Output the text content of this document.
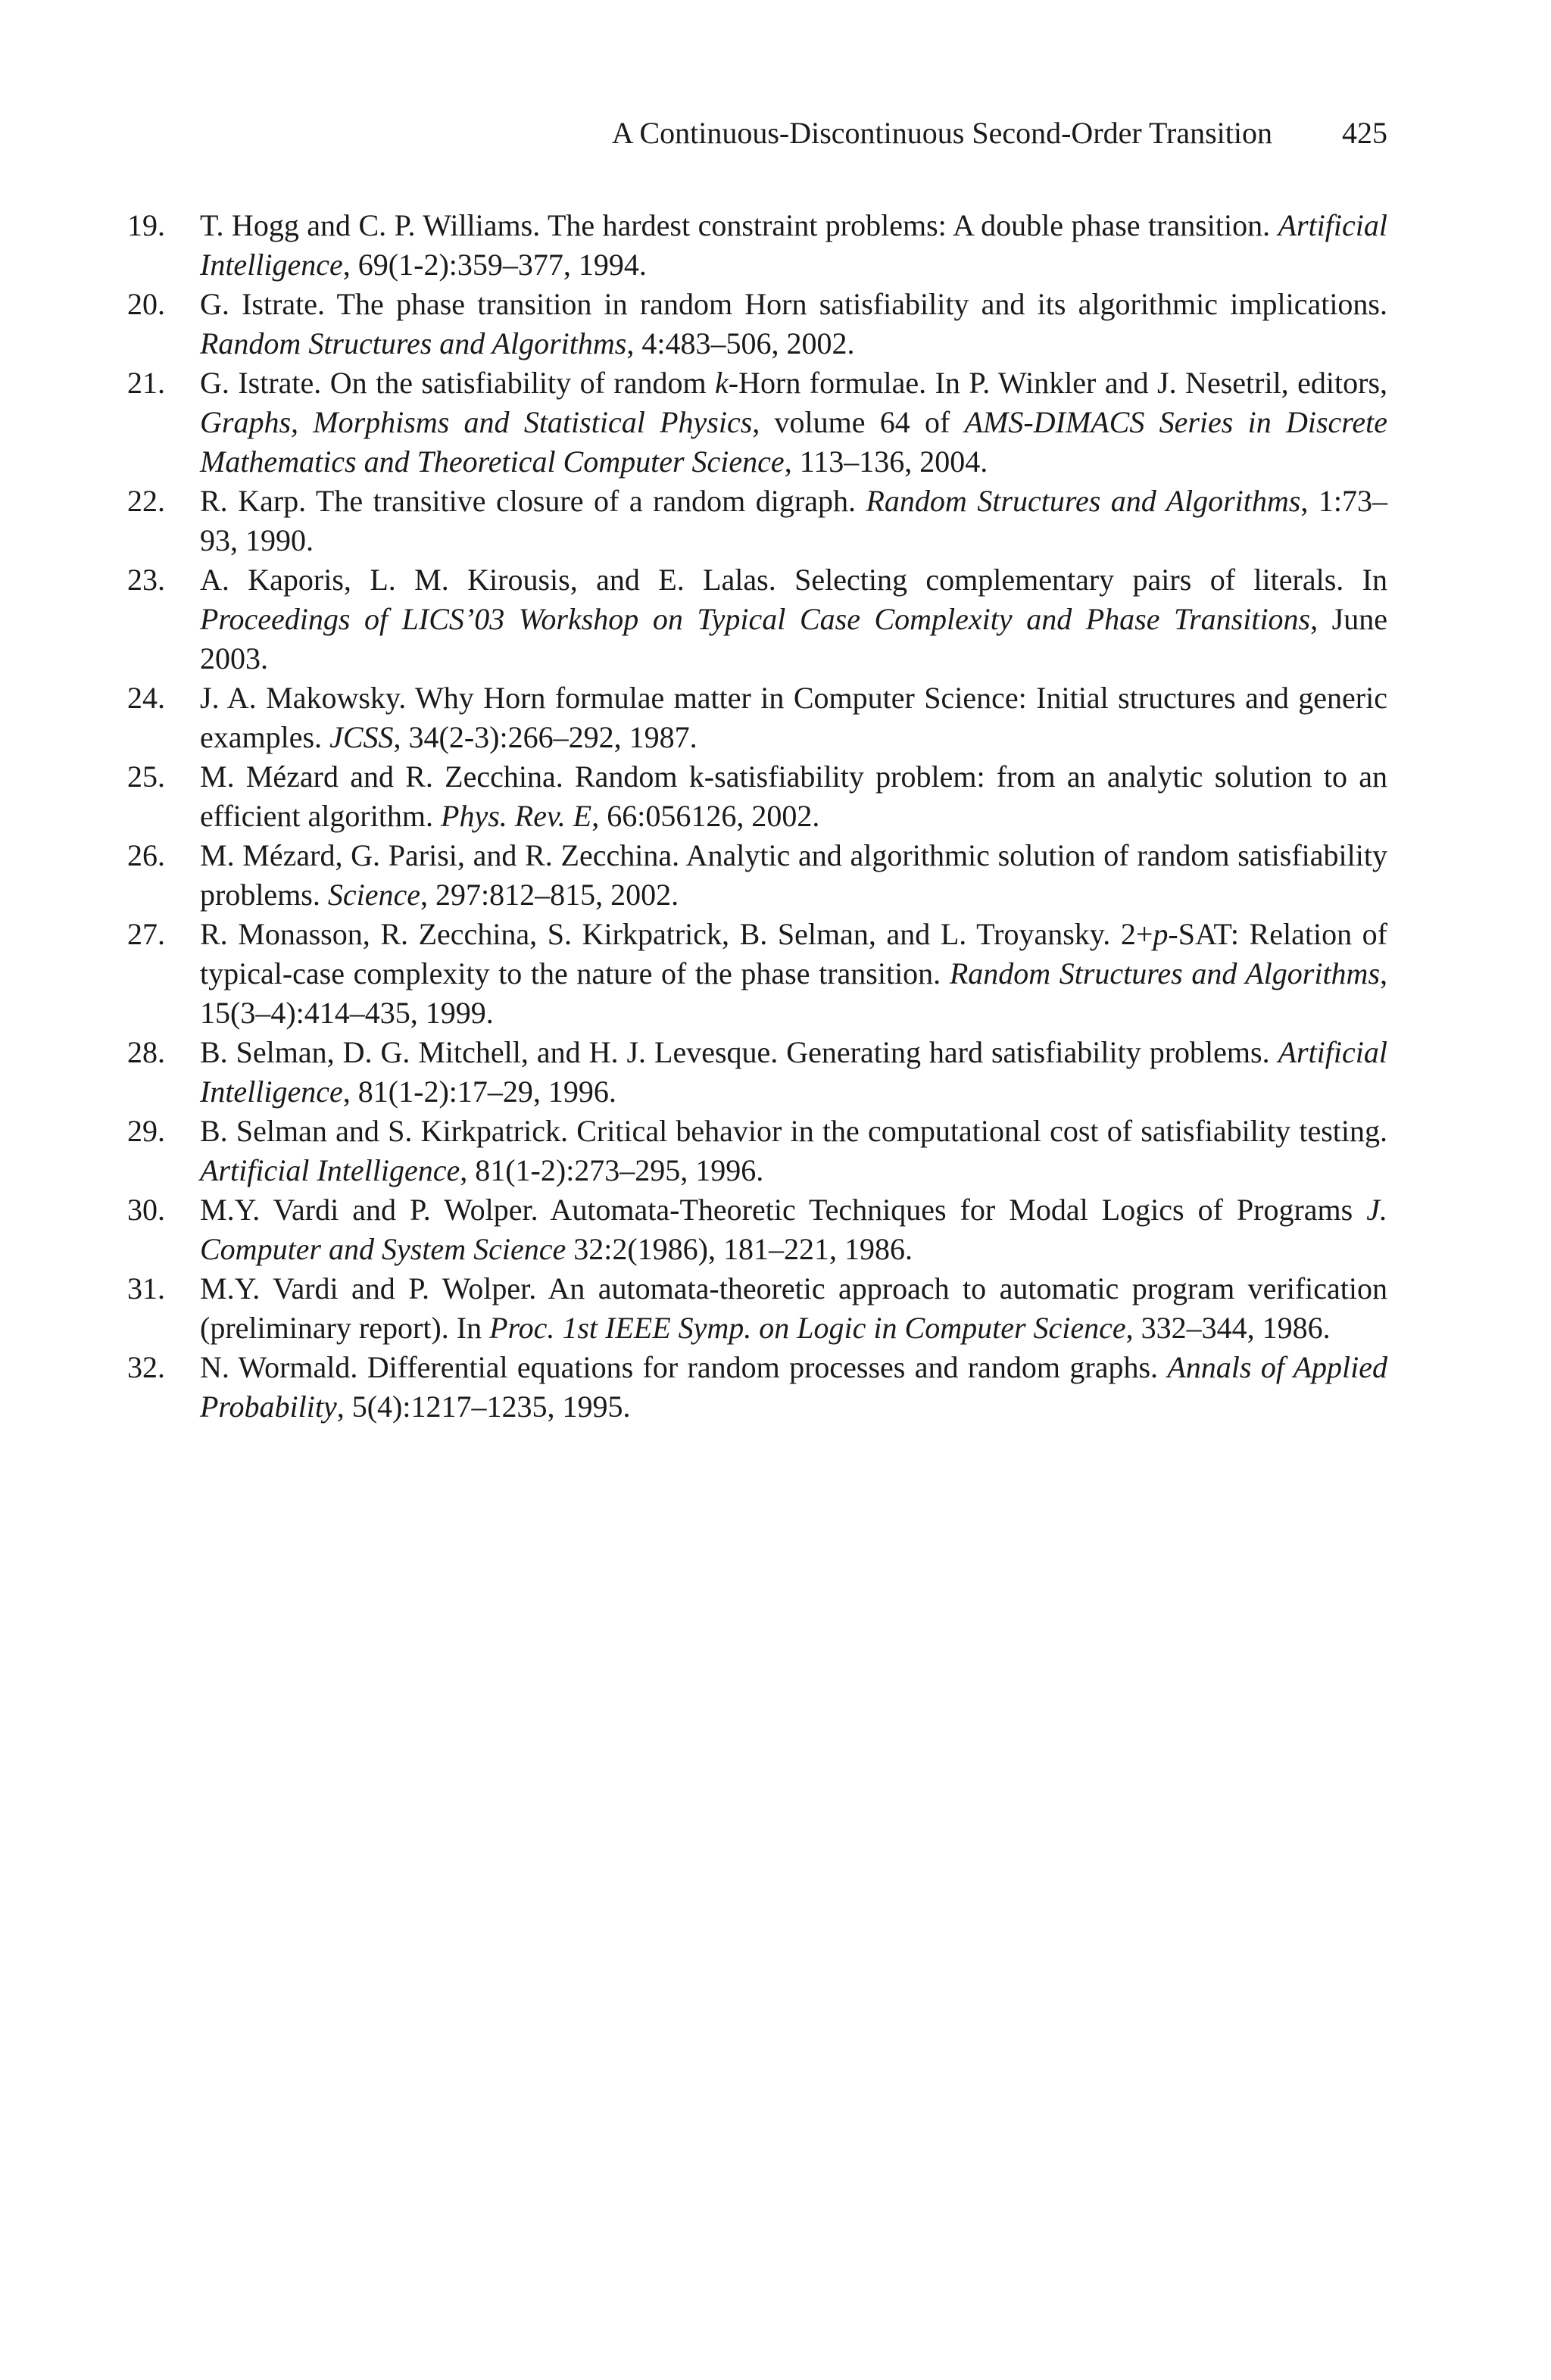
A Continuous-Discontinuous Second-Order Transition 425
19.	T. Hogg and C. P. Williams. The hardest constraint problems: A double phase transition. Artificial Intelligence, 69(1-2):359–377, 1994.
20.	G. Istrate. The phase transition in random Horn satisfiability and its algorithmic implications. Random Structures and Algorithms, 4:483–506, 2002.
21.	G. Istrate. On the satisfiability of random k-Horn formulae. In P. Winkler and J. Nesetril, editors, Graphs, Morphisms and Statistical Physics, volume 64 of AMS-DIMACS Series in Discrete Mathematics and Theoretical Computer Science, 113–136, 2004.
22.	R. Karp. The transitive closure of a random digraph. Random Structures and Algorithms, 1:73–93, 1990.
23.	A. Kaporis, L. M. Kirousis, and E. Lalas. Selecting complementary pairs of literals. In Proceedings of LICS’03 Workshop on Typical Case Complexity and Phase Transitions, June 2003.
24.	J. A. Makowsky. Why Horn formulae matter in Computer Science: Initial structures and generic examples. JCSS, 34(2-3):266–292, 1987.
25.	M. Mézard and R. Zecchina. Random k-satisfiability problem: from an analytic solution to an efficient algorithm. Phys. Rev. E, 66:056126, 2002.
26.	M. Mézard, G. Parisi, and R. Zecchina. Analytic and algorithmic solution of random satisfiability problems. Science, 297:812–815, 2002.
27.	R. Monasson, R. Zecchina, S. Kirkpatrick, B. Selman, and L. Troyansky. 2+p-SAT: Relation of typical-case complexity to the nature of the phase transition. Random Structures and Algorithms, 15(3–4):414–435, 1999.
28.	B. Selman, D. G. Mitchell, and H. J. Levesque. Generating hard satisfiability problems. Artificial Intelligence, 81(1-2):17–29, 1996.
29.	B. Selman and S. Kirkpatrick. Critical behavior in the computational cost of satisfiability testing. Artificial Intelligence, 81(1-2):273–295, 1996.
30.	M.Y. Vardi and P. Wolper. Automata-Theoretic Techniques for Modal Logics of Programs J. Computer and System Science 32:2(1986), 181–221, 1986.
31.	M.Y. Vardi and P. Wolper. An automata-theoretic approach to automatic program verification (preliminary report). In Proc. 1st IEEE Symp. on Logic in Computer Science, 332–344, 1986.
32.	N. Wormald. Differential equations for random processes and random graphs. Annals of Applied Probability, 5(4):1217–1235, 1995.
